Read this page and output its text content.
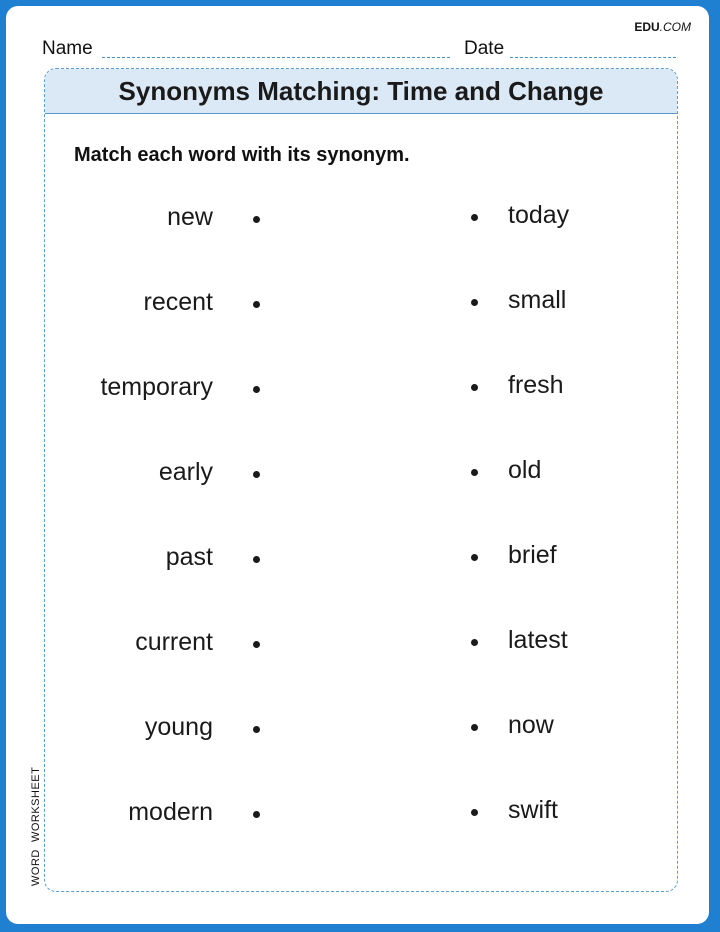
EDU.COM
Name	Date
Synonyms Matching: Time and Change
Match each word with its synonym.
new	today
recent	small
temporary	fresh
early	old
past	brief
current	latest
young	now
modern	swift
WORD  WORKSHEET
